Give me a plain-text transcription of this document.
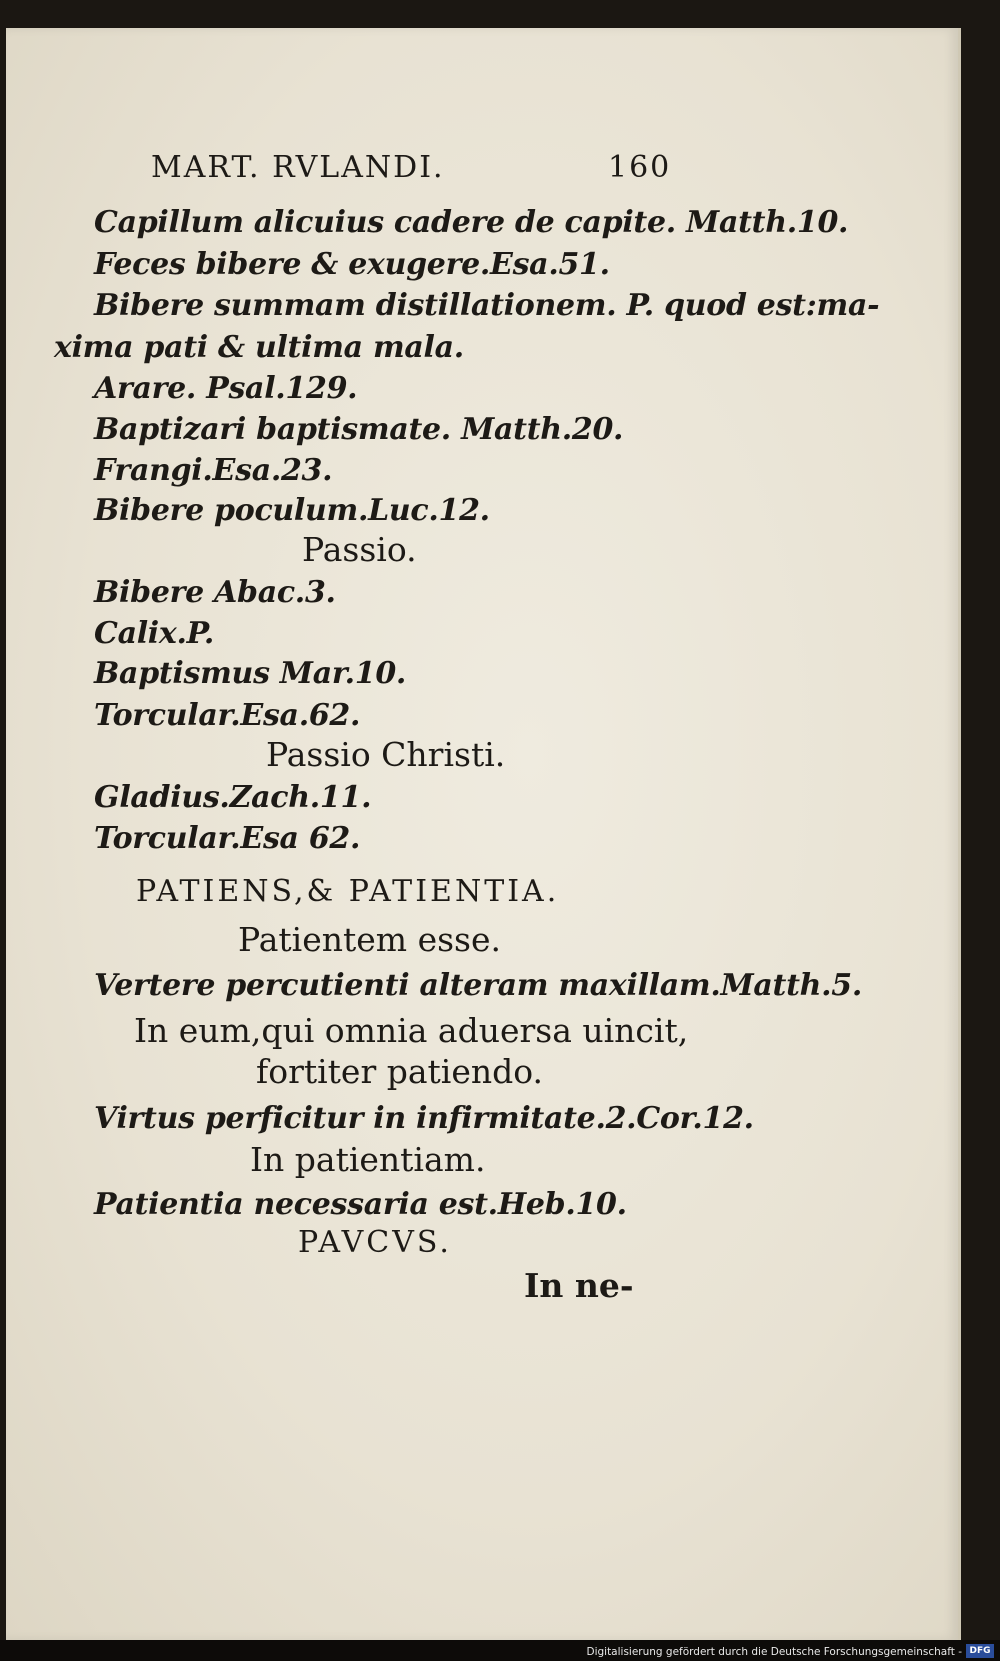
MART. RVLANDI.	160
Capillum alicuius cadere de capite. Matth.10.
Feces bibere & exugere.Esa.51.
Bibere summam distillationem. P. quod est:ma-
xima pati & ultima mala.
Arare. Psal.129.
Baptizari baptismate. Matth.20.
Frangi.Esa.23.
Bibere poculum.Luc.12.
Passio.
Bibere Abac.3.
Calix.P.
Baptismus Mar.10.
Torcular.Esa.62.
Passio Christi.
Gladius.Zach.11.
Torcular.Esa 62.
PATIENS,& PATIENTIA.
Patientem esse.
Vertere percutienti alteram maxillam.Matth.5.
In eum,qui omnia aduersa uincit,
fortiter patiendo.
Virtus perficitur in infirmitate.2.Cor.12.
In patientiam.
Patientia necessaria est.Heb.10.
PAVCVS.
In ne-
Digitalisierung gefördert durch die Deutsche Forschungsgemeinschaft - DFG
